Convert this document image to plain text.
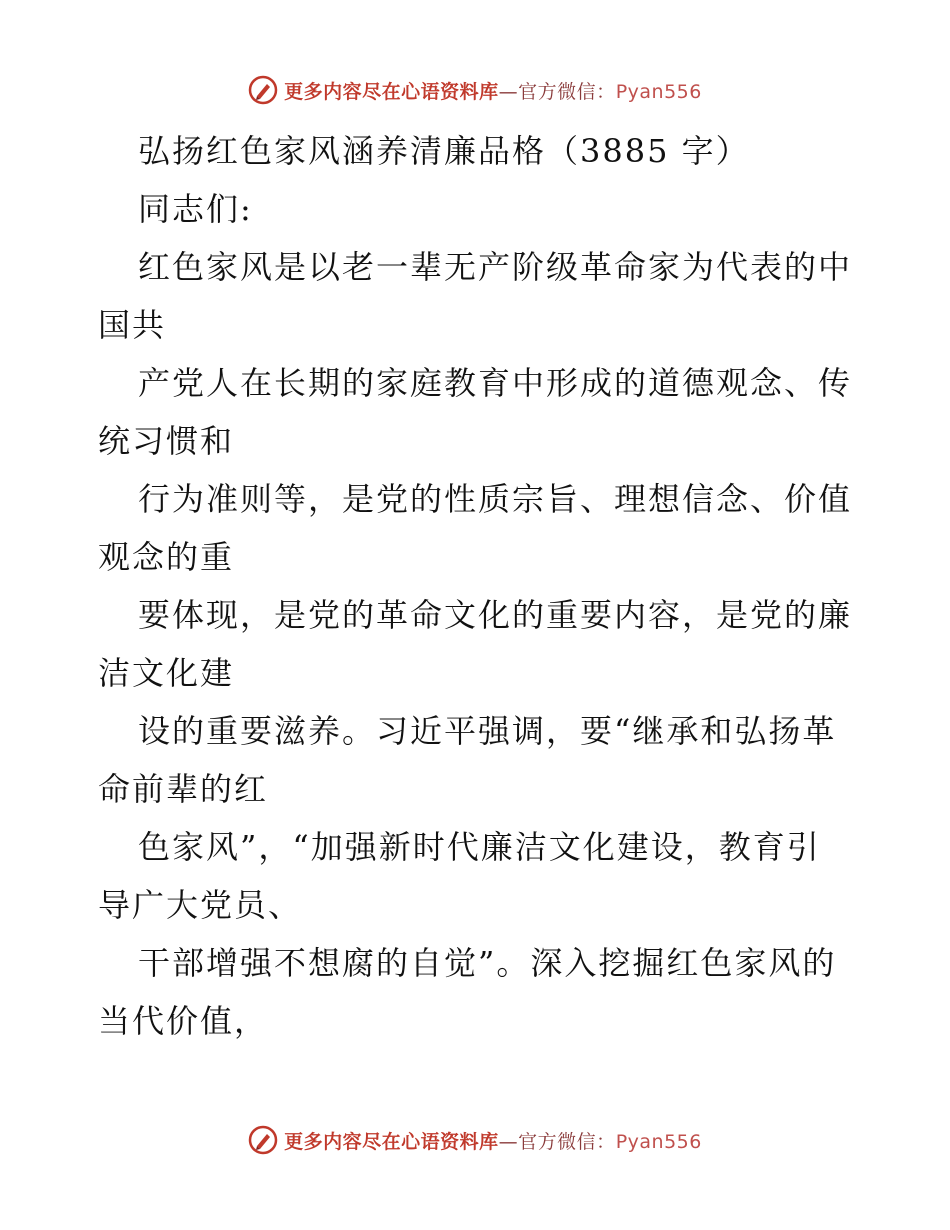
更多内容尽在心语资料库—官方微信：Pyan556
弘扬红色家风涵养清廉品格（3885 字）
同志们:
红色家风是以老一辈无产阶级革命家为代表的中
国共
产党人在长期的家庭教育中形成的道德观念、传
统习惯和
行为准则等，是党的性质宗旨、理想信念、价值
观念的重
要体现，是党的革命文化的重要内容，是党的廉
洁文化建
设的重要滋养。习近平强调，要“继承和弘扬革
命前辈的红
色家风”，“加强新时代廉洁文化建设，教育引
导广大党员、
干部增强不想腐的自觉”。深入挖掘红色家风的
当代价值，
更多内容尽在心语资料库—官方微信：Pyan556
